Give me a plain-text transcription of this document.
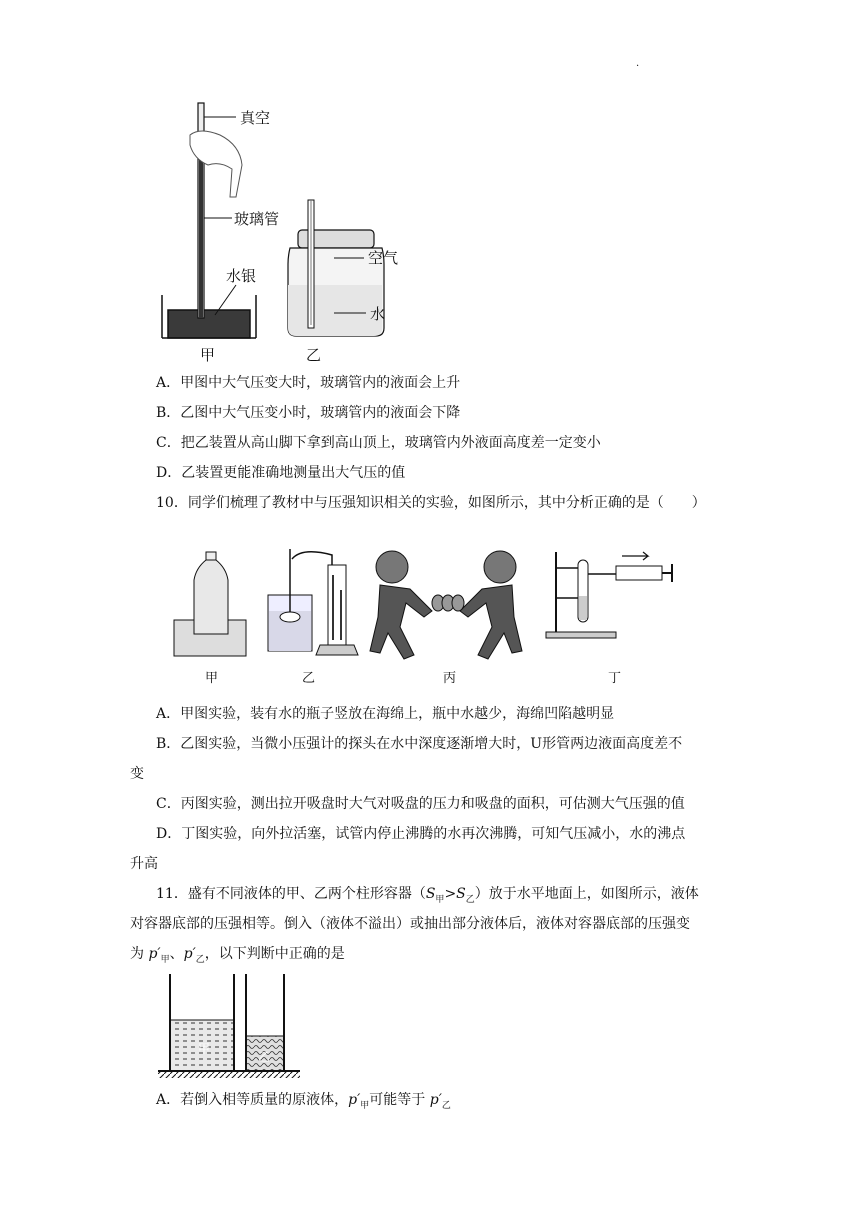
.
真空
玻璃管
水银
空气
水
甲	乙
A．甲图中大气压变大时，玻璃管内的液面会上升
B．乙图中大气压变小时，玻璃管内的液面会下降
C．把乙装置从高山脚下拿到高山顶上，玻璃管内外液面高度差一定变小
D．乙装置更能准确地测量出大气压的值
10．同学们梳理了教材中与压强知识相关的实验，如图所示，其中分析正确的是（　　）
甲	乙	丙	丁
A．甲图实验，装有水的瓶子竖放在海绵上，瓶中水越少，海绵凹陷越明显
B．乙图实验，当微小压强计的探头在水中深度逐渐增大时，U形管两边液面高度差不
变
C．丙图实验，测出拉开吸盘时大气对吸盘的压力和吸盘的面积，可估测大气压强的值
D．丁图实验，向外拉活塞，试管内停止沸腾的水再次沸腾，可知气压减小，水的沸点
升高
11．盛有不同液体的甲、乙两个柱形容器$(S_甲>S_乙)$放于水平地面上，如图所示，液体
对容器底部的压强相等。倒入（液体不溢出）或抽出部分液体后，液体对容器底部的压强变
为 $p'_甲$、$p'_乙$，以下判断中正确的是
甲
乙
A．若倒入相等质量的原液体，$p'_甲$可能等于 $p'_乙$
